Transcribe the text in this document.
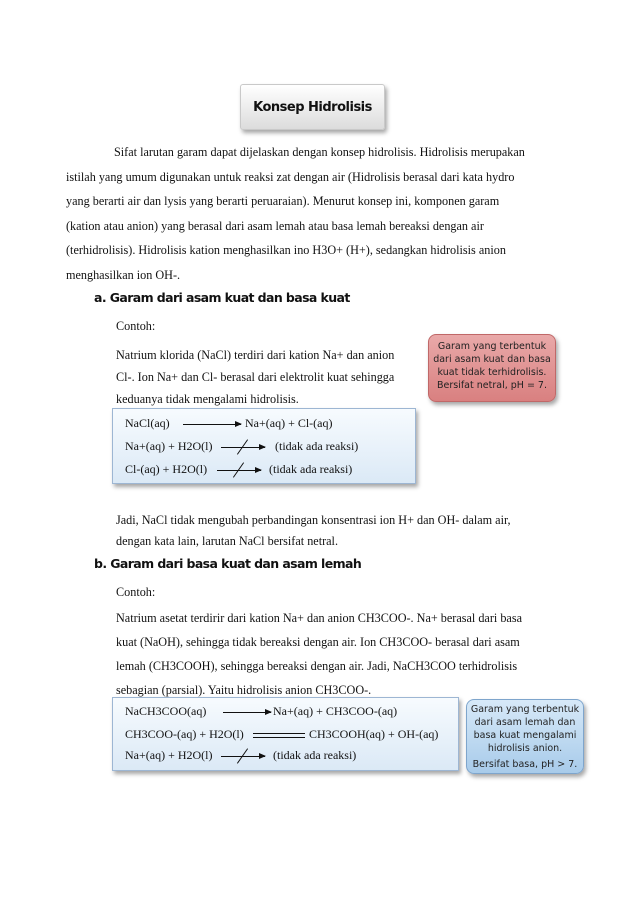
Konsep Hidrolisis
Sifat larutan garam dapat dijelaskan dengan konsep hidrolisis. Hidrolisis merupakan
istilah yang umum digunakan untuk reaksi zat dengan air (Hidrolisis berasal dari kata hydro
yang berarti air dan lysis yang berarti peruaraian). Menurut konsep ini, komponen garam
(kation atau anion) yang berasal dari asam lemah atau basa lemah bereaksi dengan air
(terhidrolisis). Hidrolisis kation menghasilkan ino H3O+ (H+), sedangkan hidrolisis anion
menghasilkan ion OH-.
a. Garam dari asam kuat dan basa kuat
Contoh:
Natrium klorida (NaCl) terdiri dari kation Na+ dan anion
Cl-. Ion Na+ dan Cl- berasal dari elektrolit kuat sehingga
keduanya tidak mengalami hidrolisis.

Garam yang terbentuk

dari asam kuat dan basa

kuat tidak terhidrolisis.

Bersifat netral, pH = 7.

NaCl(aq)	Na+(aq) + Cl-(aq)
Na+(aq) + H2O(l)	(tidak ada reaksi)
Cl-(aq) + H2O(l)	(tidak ada reaksi)
Jadi, NaCl tidak mengubah perbandingan konsentrasi ion H+ dan OH- dalam air,
dengan kata lain, larutan NaCl bersifat netral.
b. Garam dari basa kuat dan asam lemah
Contoh:
Natrium asetat terdirir dari kation Na+ dan anion CH3COO-. Na+ berasal dari basa
kuat (NaOH), sehingga tidak bereaksi dengan air. Ion CH3COO- berasal dari asam
lemah (CH3COOH), sehingga bereaksi dengan air. Jadi, NaCH3COO terhidrolisis
sebagian (parsial). Yaitu hidrolisis anion CH3COO-.
NaCH3COO(aq)	Na+(aq) + CH3COO-(aq)
CH3COO-(aq) + H2O(l)	CH3COOH(aq) + OH-(aq)
Na+(aq) + H2O(l)	(tidak ada reaksi)

Garam yang terbentuk

dari asam lemah dan

basa kuat mengalami

hidrolisis anion.

Bersifat basa, pH > 7.
